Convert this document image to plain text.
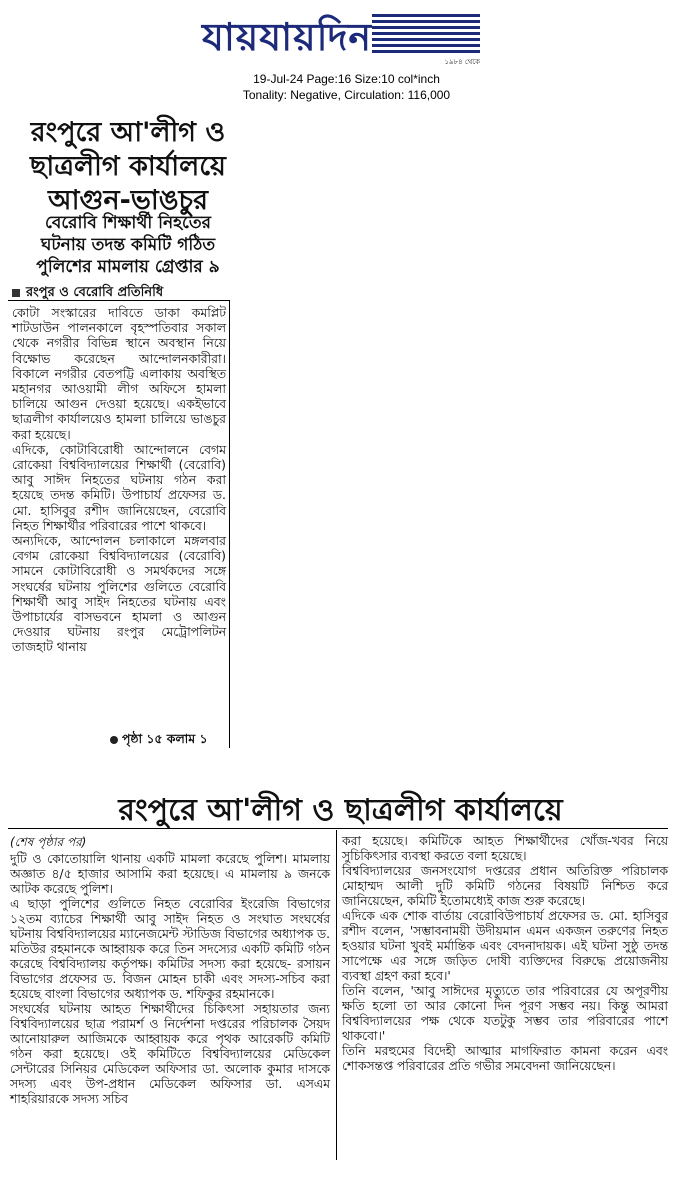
যায়যায়দিন
১৯৮৪ থেকে
19-Jul-24 Page:16 Size:10 col*inch
Tonality: Negative, Circulation: 116,000
রংপুরে আ'লীগ ও
ছাত্রলীগ কার্যালয়ে
আগুন-ভাঙচুর
বেরোবি শিক্ষার্থী নিহতের
ঘটনায় তদন্ত কমিটি গঠিত
পুলিশের মামলায় গ্রেপ্তার ৯
রংপুর ও বেরোবি প্রতিনিধি

কোটা সংস্কারের দাবিতে ডাকা কমপ্লিট শাটডাউন পালনকালে বৃহস্পতিবার সকাল থেকে নগরীর বিভিন্ন স্থানে অবস্থান নিয়ে বিক্ষোভ করেছেন আন্দোলনকারীরা। বিকালে নগরীর বেতপট্টি এলাকায় অবস্থিত মহানগর আওয়ামী লীগ অফিসে হামলা চালিয়ে আগুন দেওয়া হয়েছে। একইভাবে ছাত্রলীগ কার্যালয়েও হামলা চালিয়ে ভাঙচুর করা হয়েছে।

এদিকে, কোটাবিরোধী আন্দোলনে বেগম রোকেয়া বিশ্ববিদ্যালয়ের শিক্ষার্থী (বেরোবি) আবু সাঈদ নিহতের ঘটনায় গঠন করা হয়েছে তদন্ত কমিটি। উপাচার্য প্রফেসর ড. মো. হাসিবুর রশীদ জানিয়েছেন, বেরোবি নিহত শিক্ষার্থীর পরিবারের পাশে থাকবে।

অন্যদিকে, আন্দোলন চলাকালে মঙ্গলবার বেগম রোকেয়া বিশ্ববিদ্যালয়ের (বেরোবি) সামনে কোটাবিরোধী ও সমর্থকদের সঙ্গে সংঘর্ষের ঘটনায় পুলিশের গুলিতে বেরোবি শিক্ষার্থী আবু সাইদ নিহতের ঘটনায় এবং উপাচার্যের বাসভবনে হামলা ও আগুন দেওয়ার ঘটনায় রংপুর মেট্রোপলিটন তাজহাট থানায়

পৃষ্ঠা ১৫ কলাম ১
রংপুরে আ'লীগ ও ছাত্রলীগ কার্যালয়ে
(শেষ পৃষ্ঠার পর)

দুটি ও কোতোয়ালি থানায় একটি মামলা করেছে পুলিশ। মামলায় অজ্ঞাত ৪/৫ হাজার আসামি করা হয়েছে। এ মামলায় ৯ জনকে আটক করেছে পুলিশ।

এ ছাড়া পুলিশের গুলিতে নিহত বেরোবির ইংরেজি বিভাগের ১২তম ব্যাচের শিক্ষার্থী আবু সাইদ নিহত ও সংঘাত সংঘর্ষের ঘটনায় বিশ্ববিদ্যালয়ের ম্যানেজমেন্ট স্টাডিজ বিভাগের অধ্যাপক ড. মতিউর রহমানকে আহ্বায়ক করে তিন সদস্যের একটি কমিটি গঠন করেছে বিশ্ববিদ্যালয় কর্তৃপক্ষ। কমিটির সদস্য করা হয়েছে- রসায়ন বিভাগের প্রফেসর ড. বিজন মোহন চাকী এবং সদস্য-সচিব করা হয়েছে বাংলা বিভাগের অধ্যাপক ড. শফিকুর রহমানকে।

সংঘর্ষের ঘটনায় আহত শিক্ষার্থীদের চিকিৎসা সহায়তার জন্য বিশ্ববিদ্যালয়ের ছাত্র পরামর্শ ও নির্দেশনা দপ্তরের পরিচালক সৈয়দ আনোয়ারুল আজিমকে আহ্বায়ক করে পৃথক আরেকটি কমিটি গঠন করা হয়েছে। ওই কমিটিতে বিশ্ববিদ্যালয়ের মেডিকেল সেন্টারের সিনিয়র মেডিকেল অফিসার ডা. অলোক কুমার দাসকে সদস্য এবং উপ-প্রধান মেডিকেল অফিসার ডা. এসএম শাহরিয়ারকে সদস্য সচিব

করা হয়েছে। কমিটিকে আহত শিক্ষার্থীদের খোঁজ-খবর নিয়ে সুচিকিৎসার ব্যবস্থা করতে বলা হয়েছে।

বিশ্ববিদ্যালয়ের জনসংযোগ দপ্তরের প্রধান অতিরিক্ত পরিচালক মোহাম্মদ আলী দুটি কমিটি গঠনের বিষয়টি নিশ্চিত করে জানিয়েছেন, কমিটি ইতোমধ্যেই কাজ শুরু করেছে।

এদিকে এক শোক বার্তায় বেরোবিউপাচার্য প্রফেসর ড. মো. হাসিবুর রশীদ বলেন, 'সম্ভাবনাময়ী উদীয়মান এমন একজন তরুণের নিহত হওয়ার ঘটনা খুবই মর্মান্তিক এবং বেদনাদায়ক। এই ঘটনা সুষ্ঠু তদন্ত সাপেক্ষে এর সঙ্গে জড়িত দোষী ব্যক্তিদের বিরুদ্ধে প্রয়োজনীয় ব্যবস্থা গ্রহণ করা হবে।'

তিনি বলেন, 'আবু সাঈদের মৃত্যুতে তার পরিবারের যে অপূরণীয় ক্ষতি হলো তা আর কোনো দিন পূরণ সম্ভব নয়। কিন্তু আমরা বিশ্ববিদ্যালয়ের পক্ষ থেকে যতটুকু সম্ভব তার পরিবারের পাশে থাকবো।'

তিনি মরহুমের বিদেহী আত্মার মাগফিরাত কামনা করেন এবং শোকসন্তপ্ত পরিবারের প্রতি গভীর সমবেদনা জানিয়েছেন।
